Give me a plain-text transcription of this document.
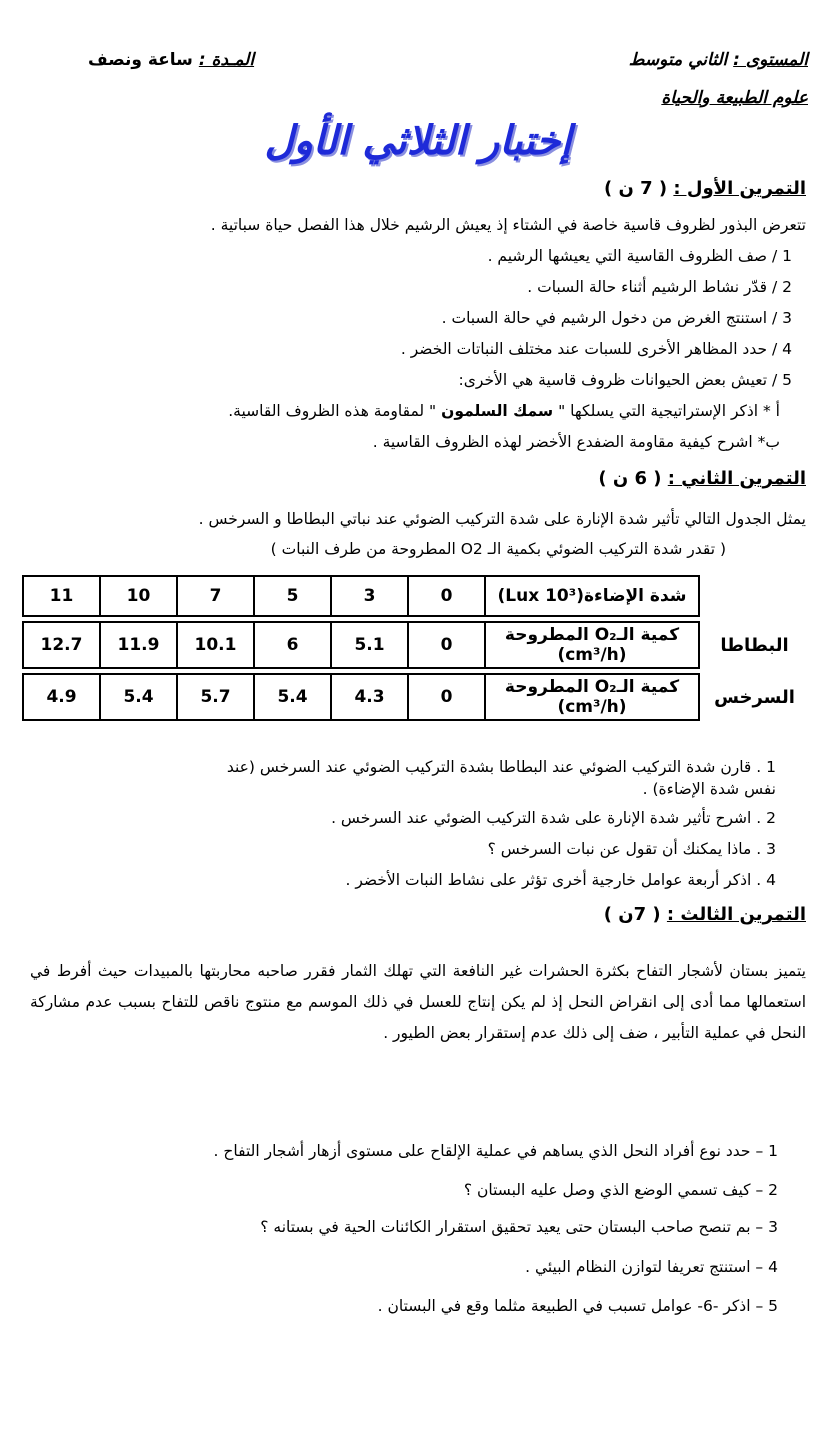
المستوى : الثاني متوسط
المـدة : ساعة ونصف
علوم الطبيعة والحياة
إختبار الثلاثي الأول
التمرين الأول : ( 7 ن )
تتعرض البذور لظروف قاسية خاصة في الشتاء إذ يعيش الرشيم خلال هذا الفصل حياة سباتية .
1 / صف الظروف القاسية التي يعيشها الرشيم .
2 / قدّر نشاط الرشيم أثناء حالة السبات .
3 / استنتج الغرض من دخول الرشيم في حالة السبات .
4 / حدد المظاهر الأخرى للسبات عند مختلف النباتات الخضر .
5 / تعيش بعض الحيوانات ظروف قاسية هي الأخرى:
أ * اذكر الإستراتيجية التي يسلكها " سمك السلمون " لمقاومة هذه الظروف القاسية.
ب* اشرح كيفية مقاومة الضفدع الأخضر لهذه الظروف القاسية .
التمرين الثاني : ( 6 ن )
يمثل الجدول التالي تأثير شدة الإنارة على شدة التركيب الضوئي عند نباتي البطاطا و السرخس .
( تقدر شدة التركيب الضوئي بكمية الـ O2 المطروحة من طرف النبات )
	شدة الإضاءة(10³ Lux)	0	3	5	7	10	11

البطاطا	كمية الـO₂ المطروحة (cm³/h)	0	5.1	6	10.1	11.9	12.7

السرخس	كمية الـO₂ المطروحة (cm³/h)	0	4.3	5.4	5.7	5.4	4.9
1 . قارن شدة التركيب الضوئي عند البطاطا بشدة التركيب الضوئي عند السرخس (عند
نفس شدة الإضاءة) .
2 . اشرح تأثير شدة الإنارة على شدة التركيب الضوئي عند السرخس .
3 . ماذا يمكنك أن تقول عن نبات السرخس ؟
4 . اذكر أربعة عوامل خارجية أخرى تؤثر على نشاط النبات الأخضر .
التمرين الثالث : ( 7ن )
يتميز بستان لأشجار التفاح بكثرة الحشرات غير النافعة التي تهلك الثمار فقرر صاحبه محاربتها بالمبيدات حيث أفرط في استعمالها مما أدى إلى انقراض النحل إذ لم يكن إنتاج للعسل في ذلك الموسم مع منتوج ناقص للتفاح بسبب عدم مشاركة النحل في عملية التأبير ، ضف إلى ذلك عدم إستقرار بعض الطيور .
1 – حدد نوع أفراد النحل الذي يساهم في عملية الإلقاح على مستوى أزهار أشجار التفاح .
2 – كيف تسمي الوضع الذي وصل عليه البستان ؟
3 – بم تنصح صاحب البستان حتى يعيد تحقيق استقرار الكائنات الحية في بستانه ؟
4 – استنتج تعريفا لتوازن النظام البيئي .
5 – اذكر -6- عوامل تسبب في الطبيعة مثلما وقع في البستان .
